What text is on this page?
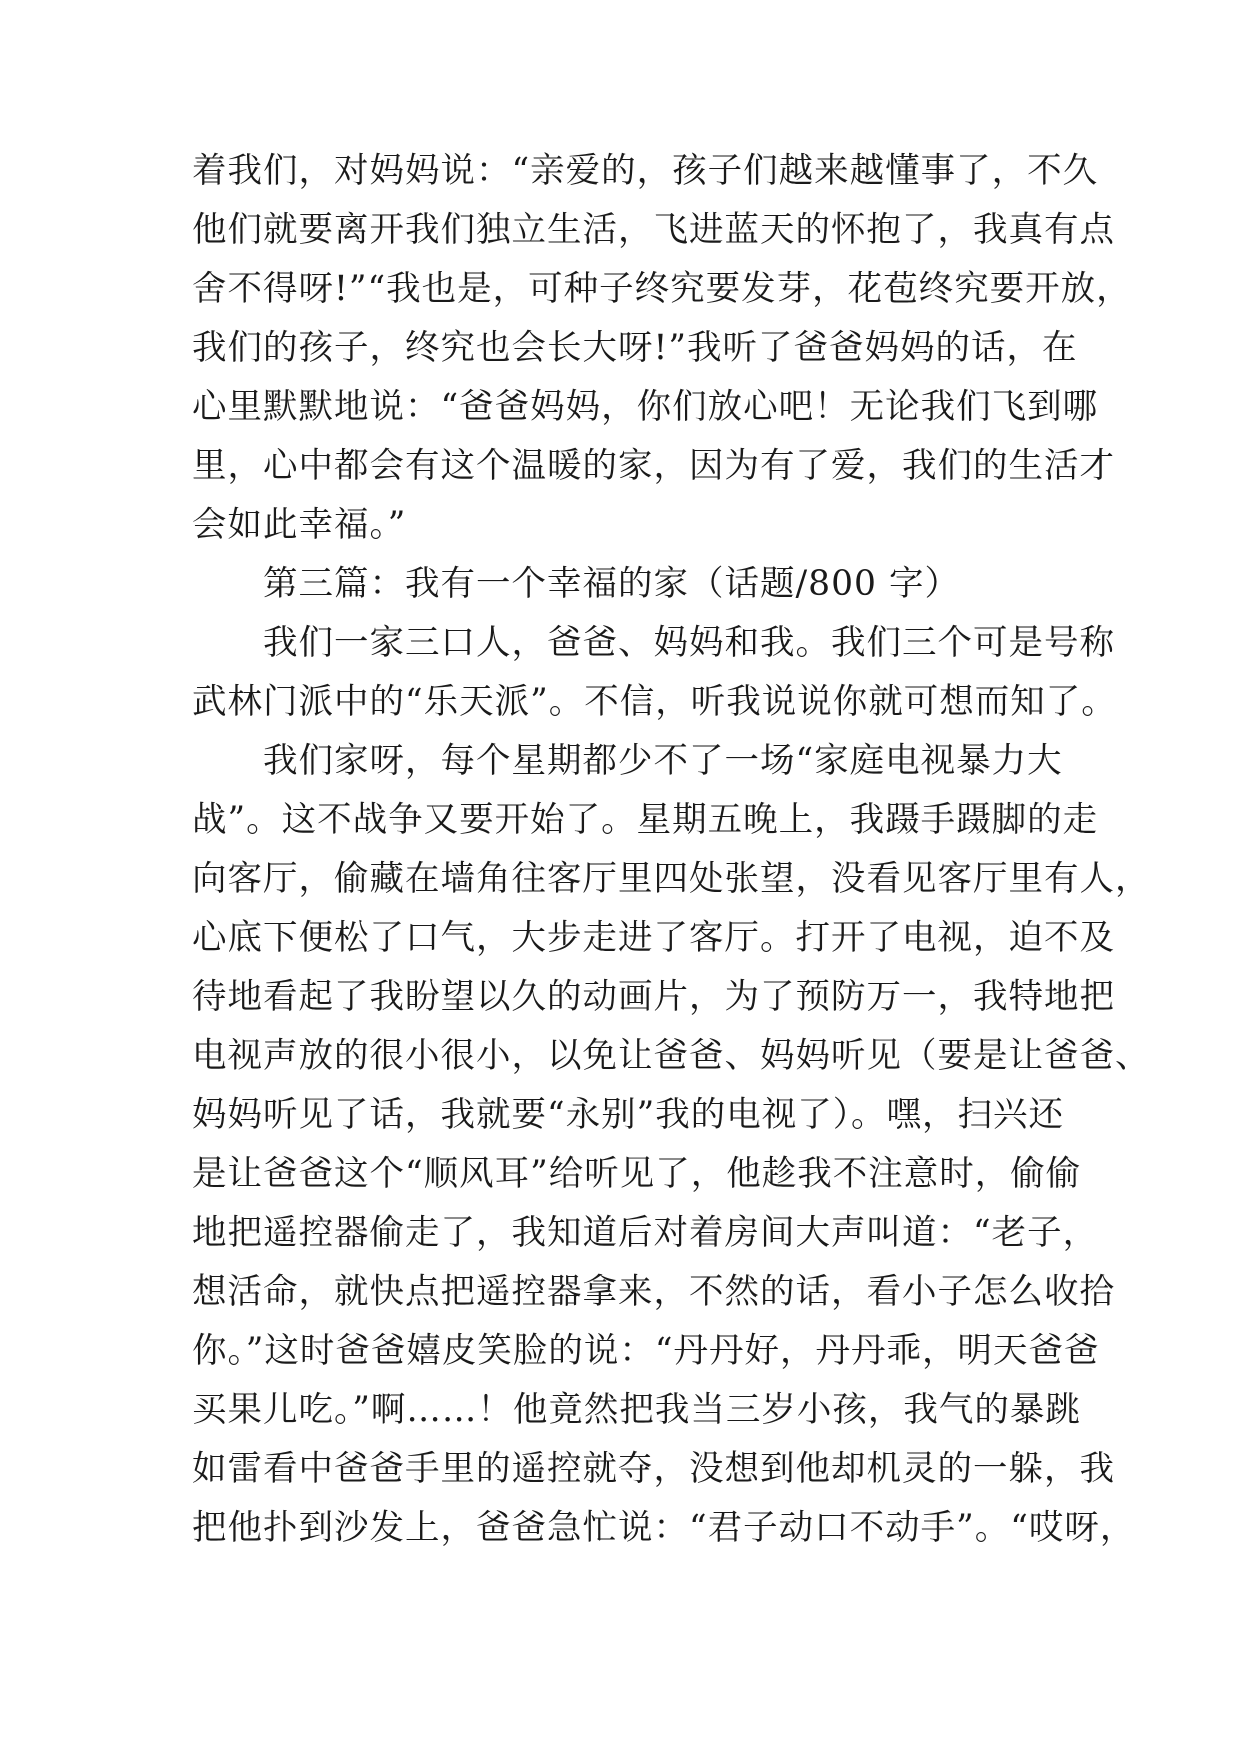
着我们，对妈妈说：“亲爱的，孩子们越来越懂事了，不久
他们就要离开我们独立生活，飞进蓝天的怀抱了，我真有点
舍不得呀!”“我也是，可种子终究要发芽，花苞终究要开放，
我们的孩子，终究也会长大呀!”我听了爸爸妈妈的话，在
心里默默地说：“爸爸妈妈，你们放心吧！无论我们飞到哪
里，心中都会有这个温暖的家，因为有了爱，我们的生活才
会如此幸福。”
　　第三篇：我有一个幸福的家（话题/800 字）
　　我们一家三口人，爸爸、妈妈和我。我们三个可是号称
武林门派中的“乐天派”。不信，听我说说你就可想而知了。
　　我们家呀，每个星期都少不了一场“家庭电视暴力大
战”。这不战争又要开始了。星期五晚上，我蹑手蹑脚的走
向客厅，偷藏在墙角往客厅里四处张望，没看见客厅里有人，
心底下便松了口气，大步走进了客厅。打开了电视，迫不及
待地看起了我盼望以久的动画片，为了预防万一，我特地把
电视声放的很小很小，以免让爸爸、妈妈听见（要是让爸爸、
妈妈听见了话，我就要“永别”我的电视了）。嘿，扫兴还
是让爸爸这个“顺风耳”给听见了，他趁我不注意时，偷偷
地把遥控器偷走了，我知道后对着房间大声叫道：“老子，
想活命，就快点把遥控器拿来，不然的话，看小子怎么收拾
你。”这时爸爸嬉皮笑脸的说：“丹丹好，丹丹乖，明天爸爸
买果儿吃。”啊……！他竟然把我当三岁小孩，我气的暴跳
如雷看中爸爸手里的遥控就夺，没想到他却机灵的一躲，我
把他扑到沙发上，爸爸急忙说：“君子动口不动手”。“哎呀，
